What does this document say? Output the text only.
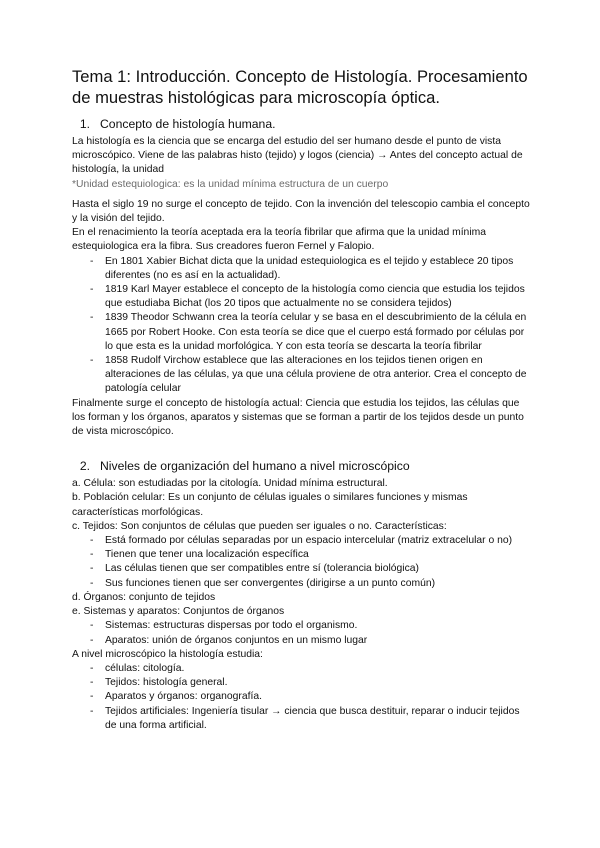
Tema 1: Introducción. Concepto de Histología. Procesamiento de muestras histológicas para microscopía óptica.
1. Concepto de histología humana.

La histología es la ciencia que se encarga del estudio del ser humano desde el punto de vista microscópico. Viene de las palabras histo (tejido) y logos (ciencia) → Antes del concepto actual de histología, la unidad

*Unidad estequiologica: es la unidad mínima estructura de un cuerpo

Hasta el siglo 19 no surge el concepto de tejido. Con la invención del telescopio cambia el concepto y la visión del tejido.

En el renacimiento la teoría aceptada era la teoría fibrilar que afirma que la unidad mínima estequiologica era la fibra. Sus creadores fueron Fernel y Falopio.

- En 1801 Xabier Bichat dicta que la unidad estequiologica es el tejido y establece 20 tipos diferentes (no es así en la actualidad).
- 1819 Karl Mayer establece el concepto de la histología como ciencia que estudia los tejidos que estudiaba Bichat (los 20 tipos que actualmente no se considera tejidos)
- 1839 Theodor Schwann crea la teoría celular y se basa en el descubrimiento de la célula en 1665 por Robert Hooke. Con esta teoría se dice que el cuerpo está formado por células por lo que esta es la unidad morfológica. Y con esta teoría se descarta la teoría fibrilar
- 1858 Rudolf Virchow establece que las alteraciones en los tejidos tienen origen en alteraciones de las células, ya que una célula proviene de otra anterior. Crea el concepto de patología celular

Finalmente surge el concepto de histología actual: Ciencia que estudia los tejidos, las células que los forman y los órganos, aparatos y sistemas que se forman a partir de los tejidos desde un punto de vista microscópico.

2. Niveles de organización del humano a nivel microscópico

a. Célula: son estudiadas por la citología. Unidad mínima estructural.

b. Población celular: Es un conjunto de células iguales o similares funciones y mismas características morfológicas.

c. Tejidos: Son conjuntos de células que pueden ser iguales o no. Características:

- Está formado por células separadas por un espacio intercelular (matriz extracelular o no)
- Tienen que tener una localización específica
- Las células tienen que ser compatibles entre sí (tolerancia biológica)
- Sus funciones tienen que ser convergentes (dirigirse a un punto común)

d. Órganos: conjunto de tejidos

e. Sistemas y aparatos: Conjuntos de órganos

- Sistemas: estructuras dispersas por todo el organismo.
- Aparatos: unión de órganos conjuntos en un mismo lugar

A nivel microscópico la histología estudia:

- células: citología.
- Tejidos: histología general.
- Aparatos y órganos: organografía.
- Tejidos artificiales: Ingeniería tisular → ciencia que busca destituir, reparar o inducir tejidos de una forma artificial.
